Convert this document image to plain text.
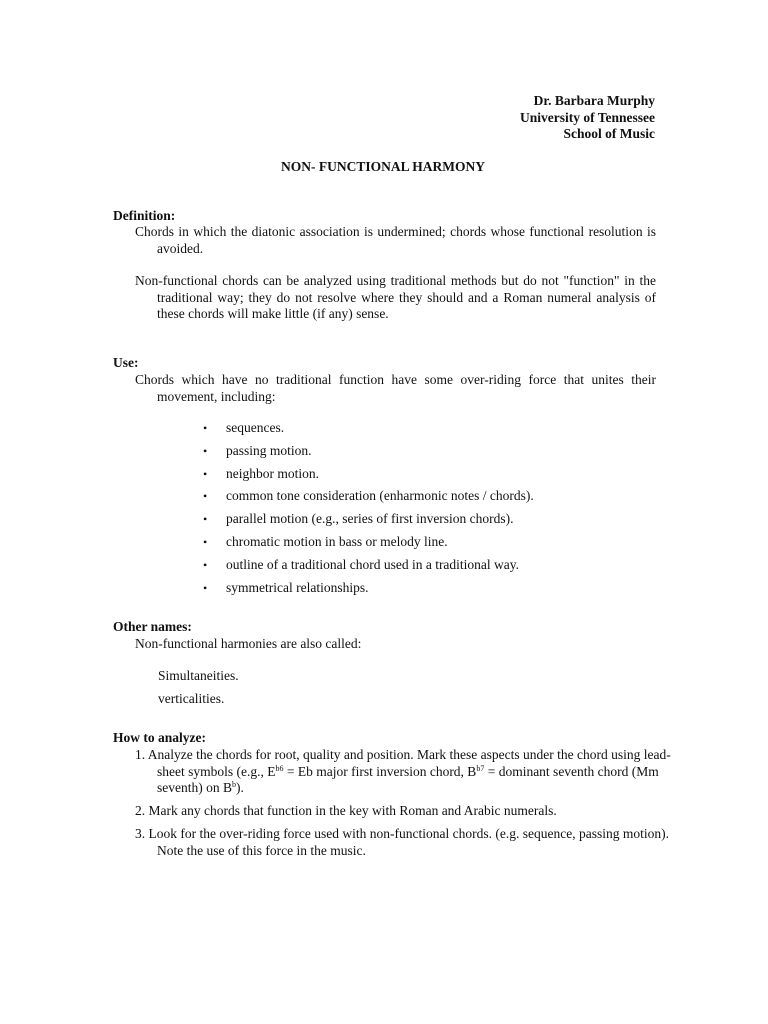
Dr. Barbara Murphy
University of Tennessee
School of Music
NON- FUNCTIONAL HARMONY
Definition:
Chords in which the diatonic association is undermined; chords whose functional resolution is avoided.
Non-functional chords can be analyzed using traditional methods but do not "function" in the traditional way; they do not resolve where they should and a Roman numeral analysis of these chords will make little (if any) sense.
Use:
Chords which have no traditional function have some over-riding force that unites their movement, including:
•	sequences.
•	passing motion.
•	neighbor motion.
•	common tone consideration (enharmonic notes / chords).
•	parallel motion (e.g., series of first inversion chords).
•	chromatic motion in bass or melody line.
•	outline of a traditional chord used in a traditional way.
•	symmetrical relationships.
Other names:
Non-functional harmonies are also called:
Simultaneities.
verticalities.
How to analyze:
1. Analyze the chords for root, quality and position. Mark these aspects under the chord using lead-sheet symbols (e.g., $E^{b6} = Eb$ major first inversion chord, $B^{b7}$ = dominant seventh chord (Mm seventh) on $B^b$).
2. Mark any chords that function in the key with Roman and Arabic numerals.
3. Look for the over-riding force used with non-functional chords. (e.g. sequence, passing motion). Note the use of this force in the music.
